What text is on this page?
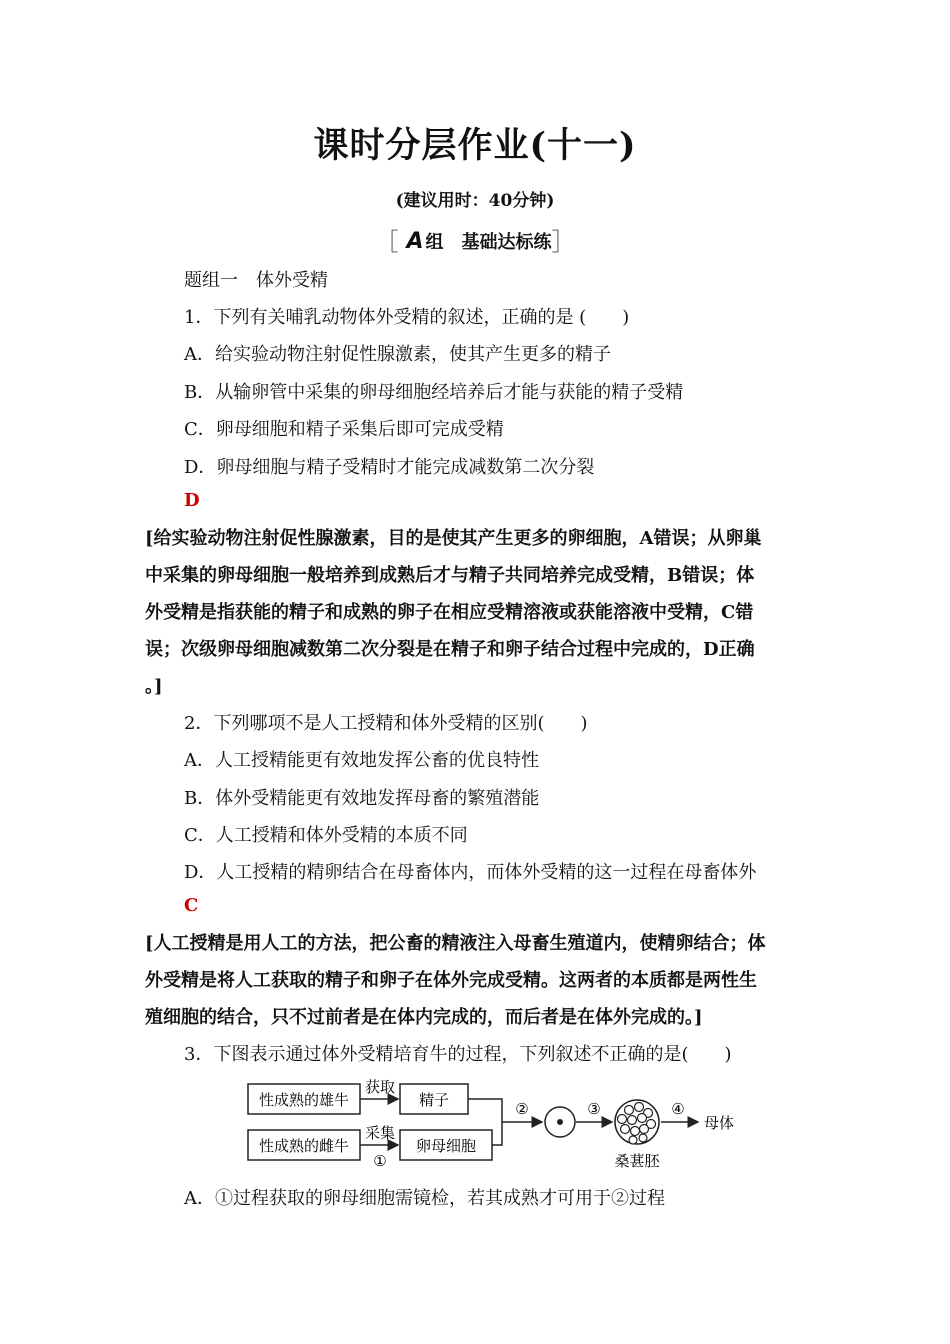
课时分层作业(十一)
(建议用时：40分钟)
［ A 组　基础达标练］
题组一　体外受精
1．下列有关哺乳动物体外受精的叙述，正确的是 (　　)
A．给实验动物注射促性腺激素，使其产生更多的精子
B．从输卵管中采集的卵母细胞经培养后才能与获能的精子受精
C．卵母细胞和精子采集后即可完成受精
D．卵母细胞与精子受精时才能完成减数第二次分裂
D
[给实验动物注射促性腺激素，目的是使其产生更多的卵细胞，A错误；从卵巢
中采集的卵母细胞一般培养到成熟后才与精子共同培养完成受精，B错误；体
外受精是指获能的精子和成熟的卵子在相应受精溶液或获能溶液中受精，C错
误；次级卵母细胞减数第二次分裂是在精子和卵子结合过程中完成的，D正确
。]
2．下列哪项不是人工授精和体外受精的区别(　　)
A．人工授精能更有效地发挥公畜的优良特性
B．体外受精能更有效地发挥母畜的繁殖潜能
C．人工授精和体外受精的本质不同
D．人工授精的精卵结合在母畜体内，而体外受精的这一过程在母畜体外
C
[人工授精是用人工的方法，把公畜的精液注入母畜生殖道内，使精卵结合；体
外受精是将人工获取的精子和卵子在体外完成受精。这两者的本质都是两性生
殖细胞的结合，只不过前者是在体内完成的，而后者是在体外完成的。]
3．下图表示通过体外受精培育牛的过程，下列叙述不正确的是(　　)
性成熟的雄牛
性成熟的雌牛
精子
卵母细胞
获取
采集
①
②	③
桑葚胚
④
母体
A．①过程获取的卵母细胞需镜检，若其成熟才可用于②过程
